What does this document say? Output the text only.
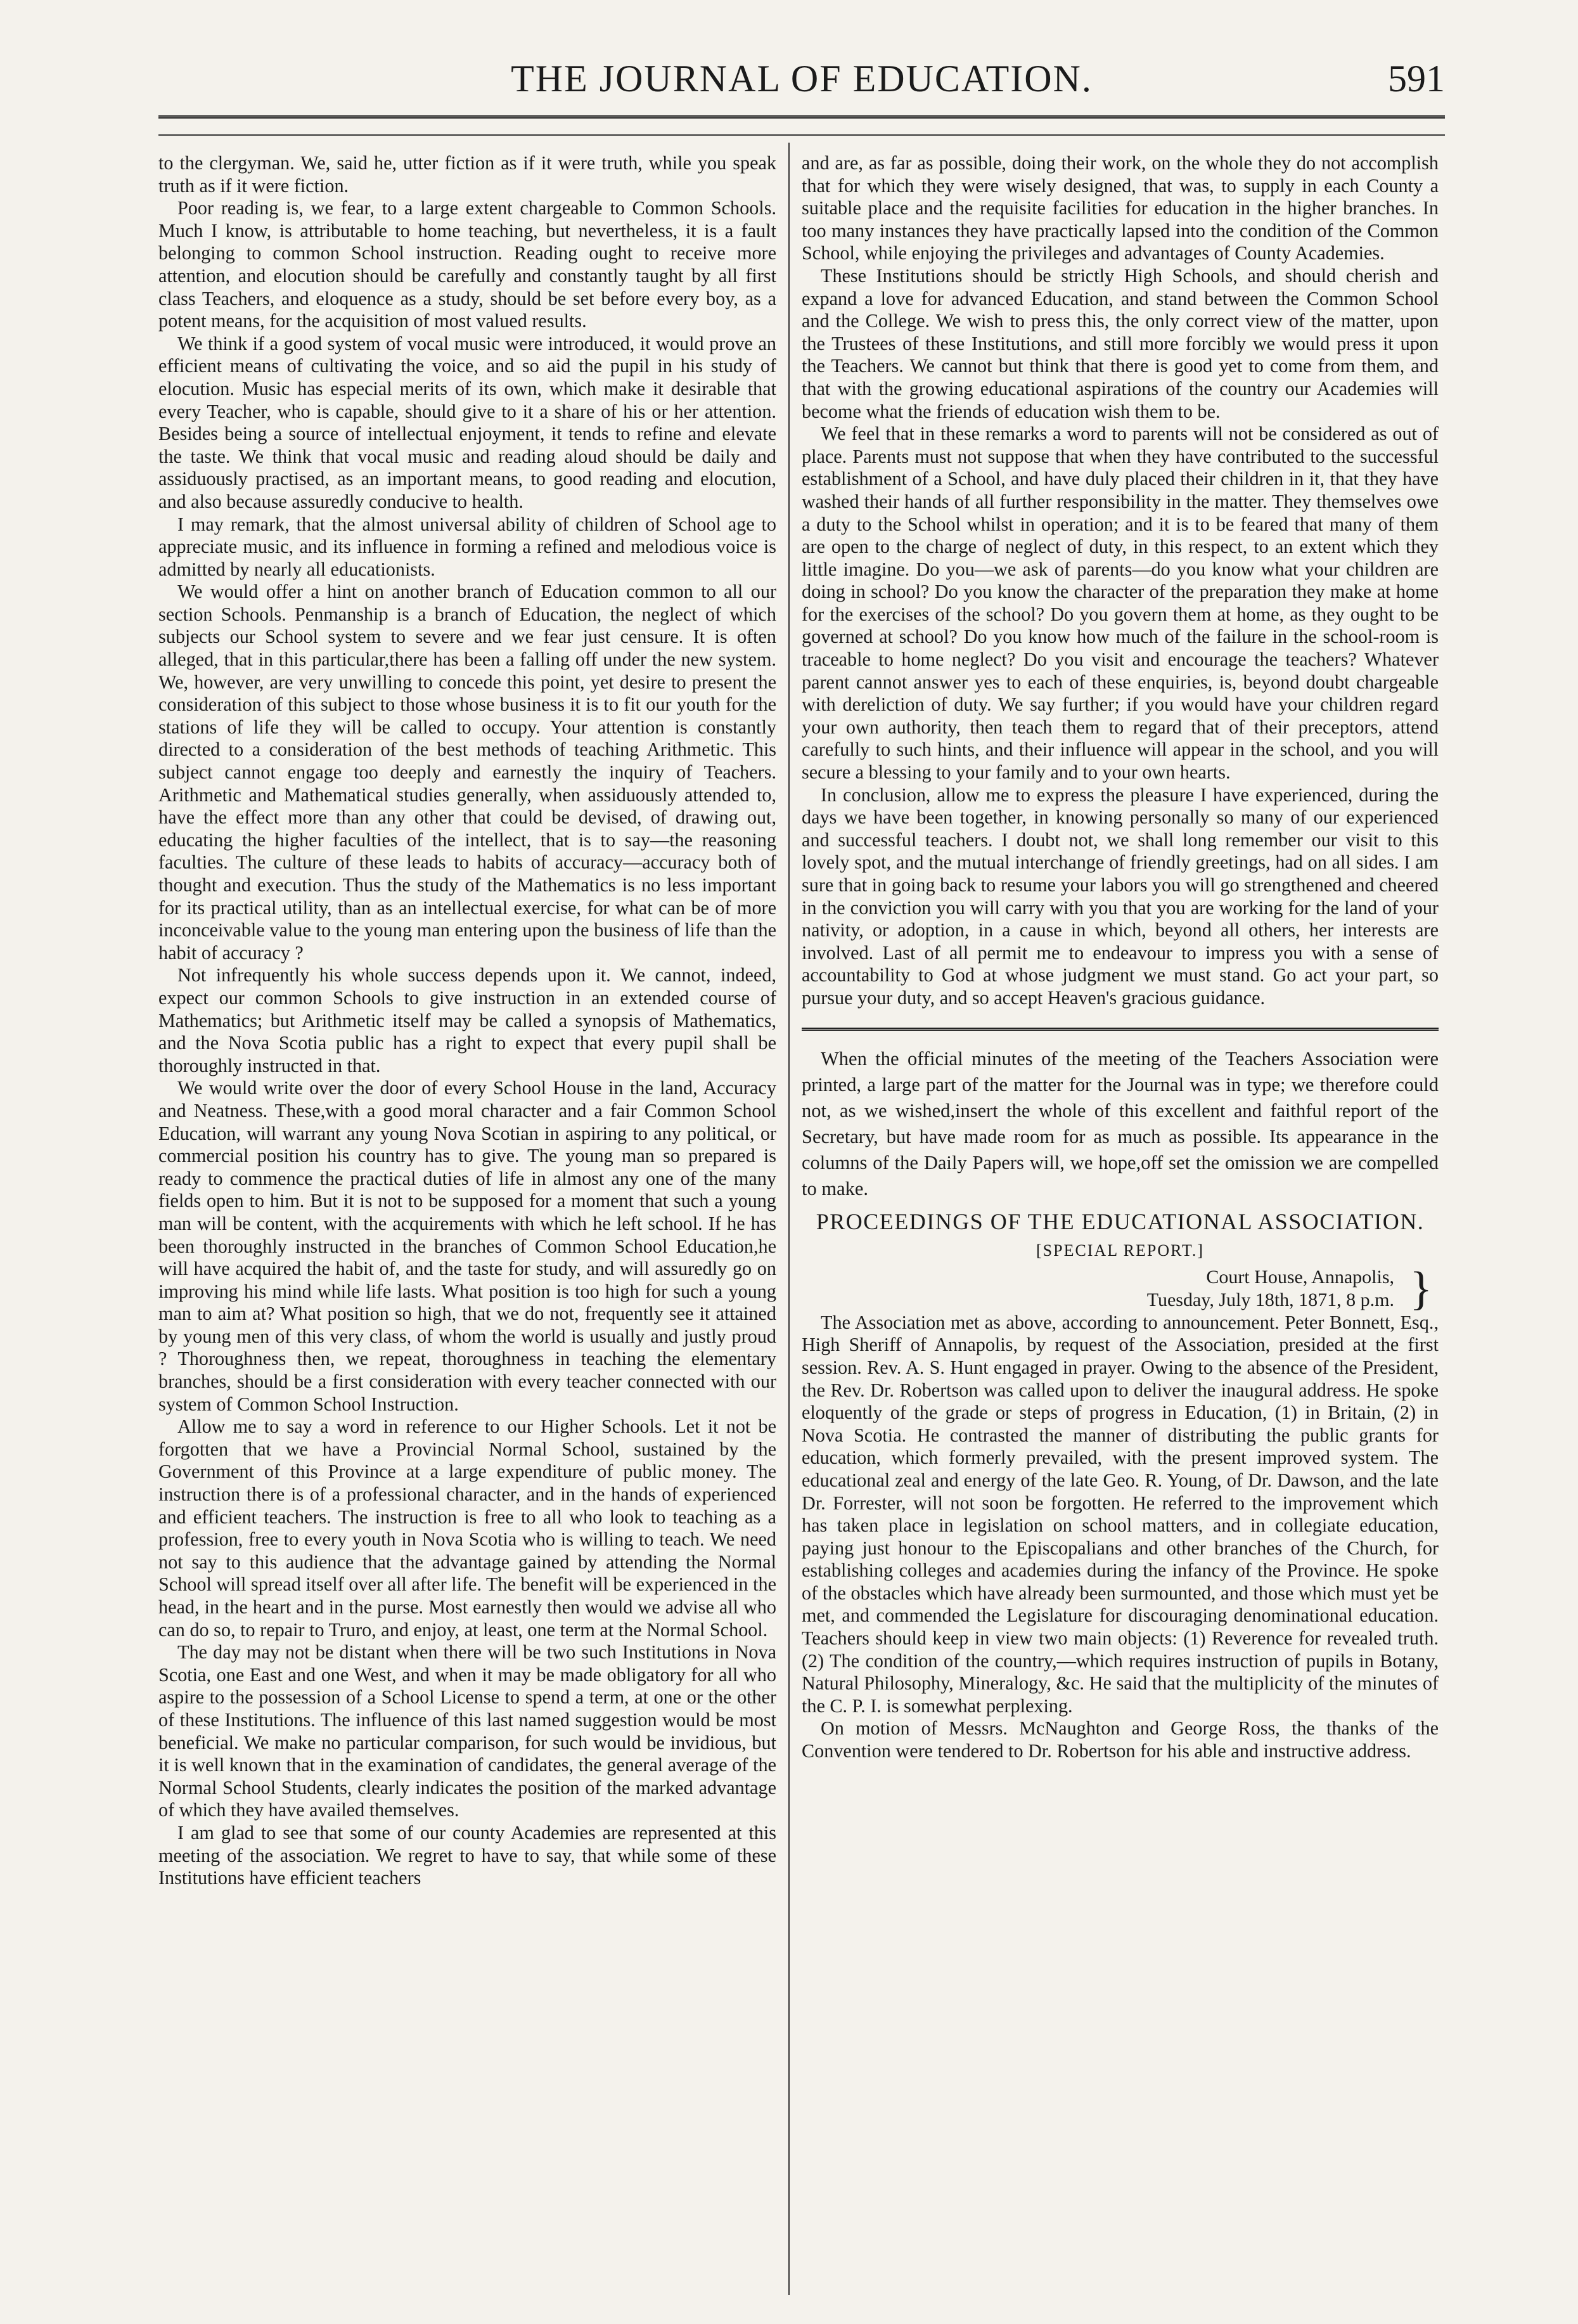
THE JOURNAL OF EDUCATION.	591

to the clergyman. We, said he, utter fiction as if it were truth, while you speak truth as if it were fiction.

Poor reading is, we fear, to a large extent chargeable to Common Schools. Much I know, is attributable to home teaching, but nevertheless, it is a fault belonging to common School instruction. Reading ought to receive more attention, and elocution should be carefully and constantly taught by all first class Teachers, and eloquence as a study, should be set before every boy, as a potent means, for the acquisition of most valued results.

We think if a good system of vocal music were introduced, it would prove an efficient means of cultivating the voice, and so aid the pupil in his study of elocution. Music has especial merits of its own, which make it desirable that every Teacher, who is capable, should give to it a share of his or her attention. Besides being a source of intellectual enjoyment, it tends to refine and elevate the taste. We think that vocal music and reading aloud should be daily and assiduously practised, as an important means, to good reading and elocution, and also because assuredly conducive to health.

I may remark, that the almost universal ability of children of School age to appreciate music, and its influence in forming a refined and melodious voice is admitted by nearly all educationists.

We would offer a hint on another branch of Education common to all our section Schools. Penmanship is a branch of Education, the neglect of which subjects our School system to severe and we fear just censure. It is often alleged, that in this particular,there has been a falling off under the new system. We, however, are very unwilling to concede this point, yet desire to present the consideration of this subject to those whose business it is to fit our youth for the stations of life they will be called to occupy. Your attention is constantly directed to a consideration of the best methods of teaching Arithmetic. This subject cannot engage too deeply and earnestly the inquiry of Teachers. Arithmetic and Mathematical studies generally, when assiduously attended to, have the effect more than any other that could be devised, of drawing out, educating the higher faculties of the intellect, that is to say—the reasoning faculties. The culture of these leads to habits of accuracy—accuracy both of thought and execution. Thus the study of the Mathematics is no less important for its practical utility, than as an intellectual exercise, for what can be of more inconceivable value to the young man entering upon the business of life than the habit of accuracy ?

Not infrequently his whole success depends upon it. We cannot, indeed, expect our common Schools to give instruction in an extended course of Mathematics; but Arithmetic itself may be called a synopsis of Mathematics, and the Nova Scotia public has a right to expect that every pupil shall be thoroughly instructed in that.

We would write over the door of every School House in the land, Accuracy and Neatness. These,with a good moral character and a fair Common School Education, will warrant any young Nova Scotian in aspiring to any political, or commercial position his country has to give. The young man so prepared is ready to commence the practical duties of life in almost any one of the many fields open to him. But it is not to be supposed for a moment that such a young man will be content, with the acquirements with which he left school. If he has been thoroughly instructed in the branches of Common School Education,he will have acquired the habit of, and the taste for study, and will assuredly go on improving his mind while life lasts. What position is too high for such a young man to aim at? What position so high, that we do not, frequently see it attained by young men of this very class, of whom the world is usually and justly proud ? Thoroughness then, we repeat, thoroughness in teaching the elementary branches, should be a first consideration with every teacher connected with our system of Common School Instruction.

Allow me to say a word in reference to our Higher Schools. Let it not be forgotten that we have a Provincial Normal School, sustained by the Government of this Province at a large expenditure of public money. The instruction there is of a professional character, and in the hands of experienced and efficient teachers. The instruction is free to all who look to teaching as a profession, free to every youth in Nova Scotia who is willing to teach. We need not say to this audience that the advantage gained by attending the Normal School will spread itself over all after life. The benefit will be experienced in the head, in the heart and in the purse. Most earnestly then would we advise all who can do so, to repair to Truro, and enjoy, at least, one term at the Normal School.

The day may not be distant when there will be two such Institutions in Nova Scotia, one East and one West, and when it may be made obligatory for all who aspire to the possession of a School License to spend a term, at one or the other of these Institutions. The influence of this last named suggestion would be most beneficial. We make no particular comparison, for such would be invidious, but it is well known that in the examination of candidates, the general average of the Normal School Students, clearly indicates the position of the marked advantage of which they have availed themselves.

I am glad to see that some of our county Academies are represented at this meeting of the association. We regret to have to say, that while some of these Institutions have efficient teachers

and are, as far as possible, doing their work, on the whole they do not accomplish that for which they were wisely designed, that was, to supply in each County a suitable place and the requisite facilities for education in the higher branches. In too many instances they have practically lapsed into the condition of the Common School, while enjoying the privileges and advantages of County Academies.

These Institutions should be strictly High Schools, and should cherish and expand a love for advanced Education, and stand between the Common School and the College. We wish to press this, the only correct view of the matter, upon the Trustees of these Institutions, and still more forcibly we would press it upon the Teachers. We cannot but think that there is good yet to come from them, and that with the growing educational aspirations of the country our Academies will become what the friends of education wish them to be.

We feel that in these remarks a word to parents will not be considered as out of place. Parents must not suppose that when they have contributed to the successful establishment of a School, and have duly placed their children in it, that they have washed their hands of all further responsibility in the matter. They themselves owe a duty to the School whilst in operation; and it is to be feared that many of them are open to the charge of neglect of duty, in this respect, to an extent which they little imagine. Do you—we ask of parents—do you know what your children are doing in school? Do you know the character of the preparation they make at home for the exercises of the school? Do you govern them at home, as they ought to be governed at school? Do you know how much of the failure in the school-room is traceable to home neglect? Do you visit and encourage the teachers? Whatever parent cannot answer yes to each of these enquiries, is, beyond doubt chargeable with dereliction of duty. We say further; if you would have your children regard your own authority, then teach them to regard that of their preceptors, attend carefully to such hints, and their influence will appear in the school, and you will secure a blessing to your family and to your own hearts.

In conclusion, allow me to express the pleasure I have experienced, during the days we have been together, in knowing personally so many of our experienced and successful teachers. I doubt not, we shall long remember our visit to this lovely spot, and the mutual interchange of friendly greetings, had on all sides. I am sure that in going back to resume your labors you will go strengthened and cheered in the conviction you will carry with you that you are working for the land of your nativity, or adoption, in a cause in which, beyond all others, her interests are involved. Last of all permit me to endeavour to impress you with a sense of accountability to God at whose judgment we must stand. Go act your part, so pursue your duty, and so accept Heaven's gracious guidance.

When the official minutes of the meeting of the Teachers Association were printed, a large part of the matter for the Journal was in type; we therefore could not, as we wished,insert the whole of this excellent and faithful report of the Secretary, but have made room for as much as possible. Its appearance in the columns of the Daily Papers will, we hope,off set the omission we are compelled to make.

PROCEEDINGS OF THE EDUCATIONAL ASSOCIATION.
[SPECIAL REPORT.]
Court House, Annapolis,
Tuesday, July 18th, 1871, 8 p.m. }

The Association met as above, according to announcement. Peter Bonnett, Esq., High Sheriff of Annapolis, by request of the Association, presided at the first session. Rev. A. S. Hunt engaged in prayer. Owing to the absence of the President, the Rev. Dr. Robertson was called upon to deliver the inaugural address. He spoke eloquently of the grade or steps of progress in Education, (1) in Britain, (2) in Nova Scotia. He contrasted the manner of distributing the public grants for education, which formerly prevailed, with the present improved system. The educational zeal and energy of the late Geo. R. Young, of Dr. Dawson, and the late Dr. Forrester, will not soon be forgotten. He referred to the improvement which has taken place in legislation on school matters, and in collegiate education, paying just honour to the Episcopalians and other branches of the Church, for establishing colleges and academies during the infancy of the Province. He spoke of the obstacles which have already been surmounted, and those which must yet be met, and commended the Legislature for discouraging denominational education. Teachers should keep in view two main objects: (1) Reverence for revealed truth. (2) The condition of the country,—which requires instruction of pupils in Botany, Natural Philosophy, Mineralogy, &c. He said that the multiplicity of the minutes of the C. P. I. is somewhat perplexing.

On motion of Messrs. McNaughton and George Ross, the thanks of the Convention were tendered to Dr. Robertson for his able and instructive address.
